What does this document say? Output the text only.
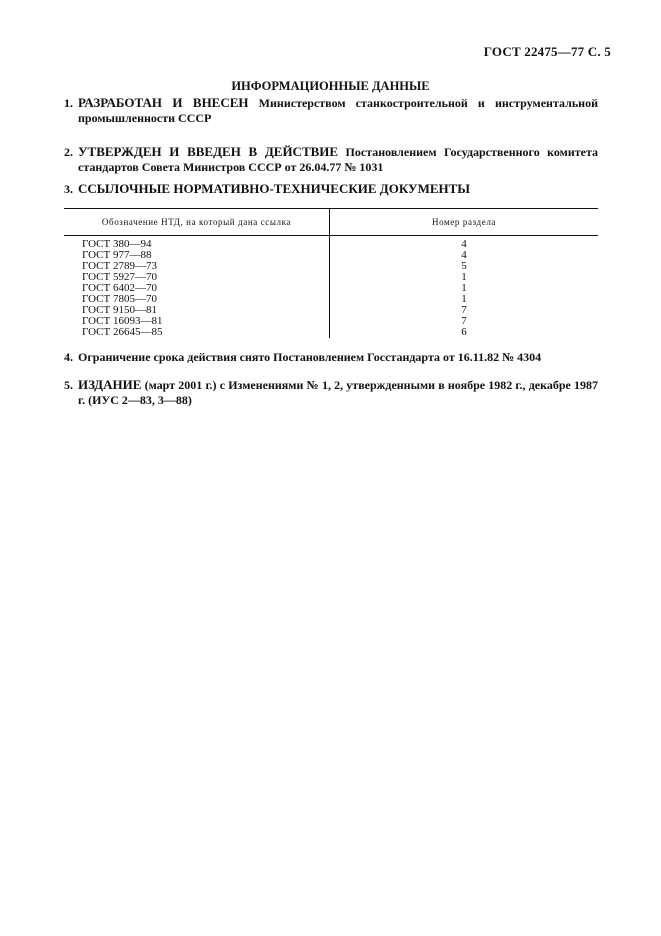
ГОСТ 22475—77 С. 5
ИНФОРМАЦИОННЫЕ ДАННЫЕ
1. РАЗРАБОТАН И ВНЕСЕН Министерством станкостроительной и инструментальной промышленности СССР
2. УТВЕРЖДЕН И ВВЕДЕН В ДЕЙСТВИЕ Постановлением Государственного комитета стандартов Совета Министров СССР от 26.04.77 № 1031
3. ССЫЛОЧНЫЕ НОРМАТИВНО-ТЕХНИЧЕСКИЕ ДОКУМЕНТЫ
Обозначение НТД, на который дана ссылка	Номер раздела
ГОСТ 380—94	4
ГОСТ 977—88	4
ГОСТ 2789—73	5
ГОСТ 5927—70	1
ГОСТ 6402—70	1
ГОСТ 7805—70	1
ГОСТ 9150—81	7
ГОСТ 16093—81	7
ГОСТ 26645—85	6
4. Ограничение срока действия снято Постановлением Госстандарта от 16.11.82 № 4304
5. ИЗДАНИЕ (март 2001 г.) с Изменениями № 1, 2, утвержденными в ноябре 1982 г., декабре 1987 г. (ИУС 2—83, 3—88)
